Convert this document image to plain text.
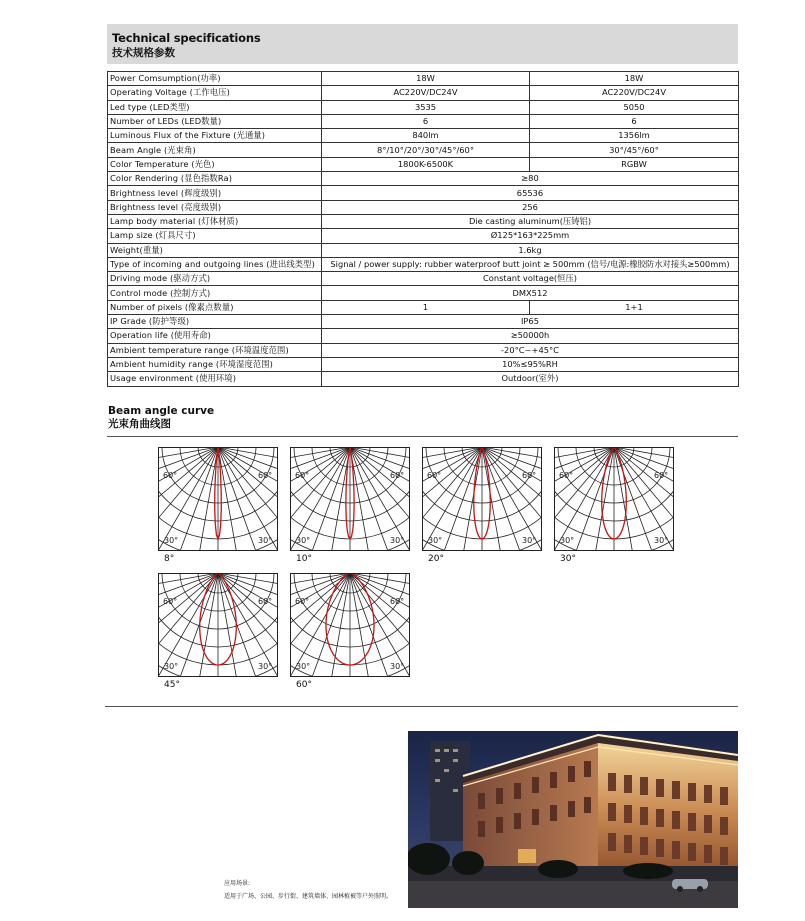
Technical specifications
技术规格参数
Power Comsumption(功率)	18W	18W
Operating Voltage (工作电压)	AC220V/DC24V	AC220V/DC24V
Led type (LED类型)	3535	5050
Number of LEDs (LED数量)	6	6
Luminous Flux of the Fixture (光通量)	840lm	1356lm
Beam Angle (光束角)	8°/10°/20°/30°/45°/60°	30°/45°/60°
Color Temperature (光色)	1800K-6500K	RGBW
Color Rendering (显色指数Ra)	≥80	
Brightness level (辉度级别)	65536	
Brightness level (亮度级别)	256	
Lamp body material (灯体材质)	Die casting aluminum(压铸铝)	
Lamp size (灯具尺寸)	Ø125*163*225mm	
Weight(重量)	1.6kg	
Type of incoming and outgoing lines (进出线类型)	Signal / power supply: rubber waterproof butt joint ≥ 500mm (信号/电源:橡胶防水对接头≥500mm)	
Driving mode (驱动方式)	Constant voltage(恒压)	
Control mode (控制方式)	DMX512	
Number of pixels (像素点数量)	1	1+1
IP Grade (防护等级)	IP65	
Operation life (使用寿命)	≥50000h	
Ambient temperature range (环境温度范围)	-20°C~+45°C	
Ambient humidity range (环境湿度范围)	10%≤95%RH	
Usage environment (使用环境)	Outdoor(室外)	
Beam angle curve
光束角曲线图
60°	60°
30°	30°
8°
60°	60°
30°	30°
10°
60°	60°
30°	30°
20°
60°	60°
30°	30°
30°
60°	60°
30°	30°
45°
60°	60°
30°	30°
60°
应用场景:
适用于广场、公园、步行街、建筑墙体、园林植被等户外照明。
